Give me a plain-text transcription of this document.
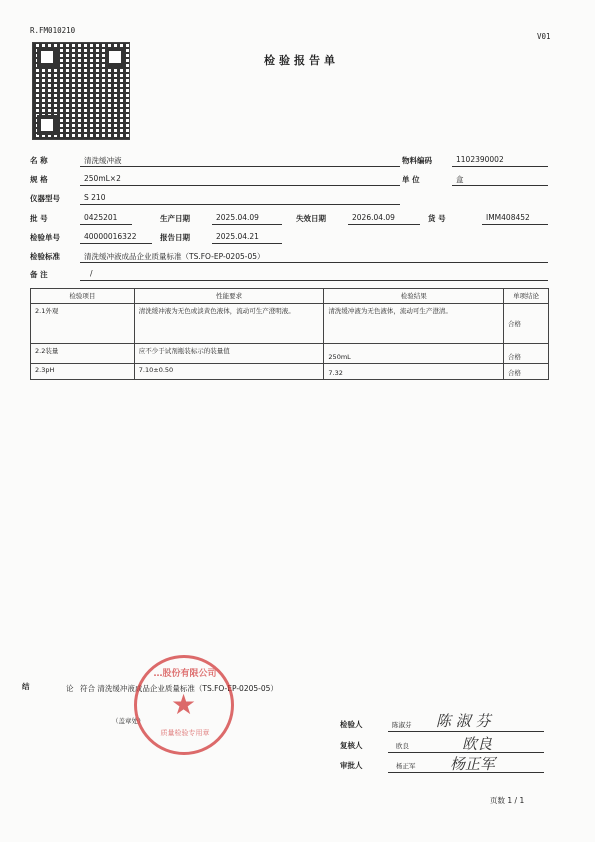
R.FM010210
V01
检验报告单
名 称	清洗缓冲液	物料编码	1102390002
规 格	250mL×2	单 位	盒
仪器型号	S 210
批 号	0425201	生产日期	2025.04.09	失效日期	2026.04.09	货 号	IMM408452
检验单号	40000016322	报告日期	2025.04.21
检验标准	清洗缓冲液成品企业质量标准（TS.FO-EP-0205-05）
备 注	/
检验项目	性能要求	检验结果	单项结论
2.1外观	清洗缓冲液为无色或淡黄色液体，流动可生产澄明液。	清洗缓冲液为无色液体，流动可生产澄清。	合格
2.2装量	应不少于试剂瓶装标示的装量值	250mL	合格
2.3pH	7.10±0.50	7.32	合格
结	论 符合 清洗缓冲液成品企业质量标准（TS.FO-EP-0205-05）
（盖章处）
…股份有限公司
★
质量检验专用章
检验人	陈淑芬 陈 淑 芬
复核人	欧良	欧良
审批人	杨正军 杨正军
页数 1 / 1
